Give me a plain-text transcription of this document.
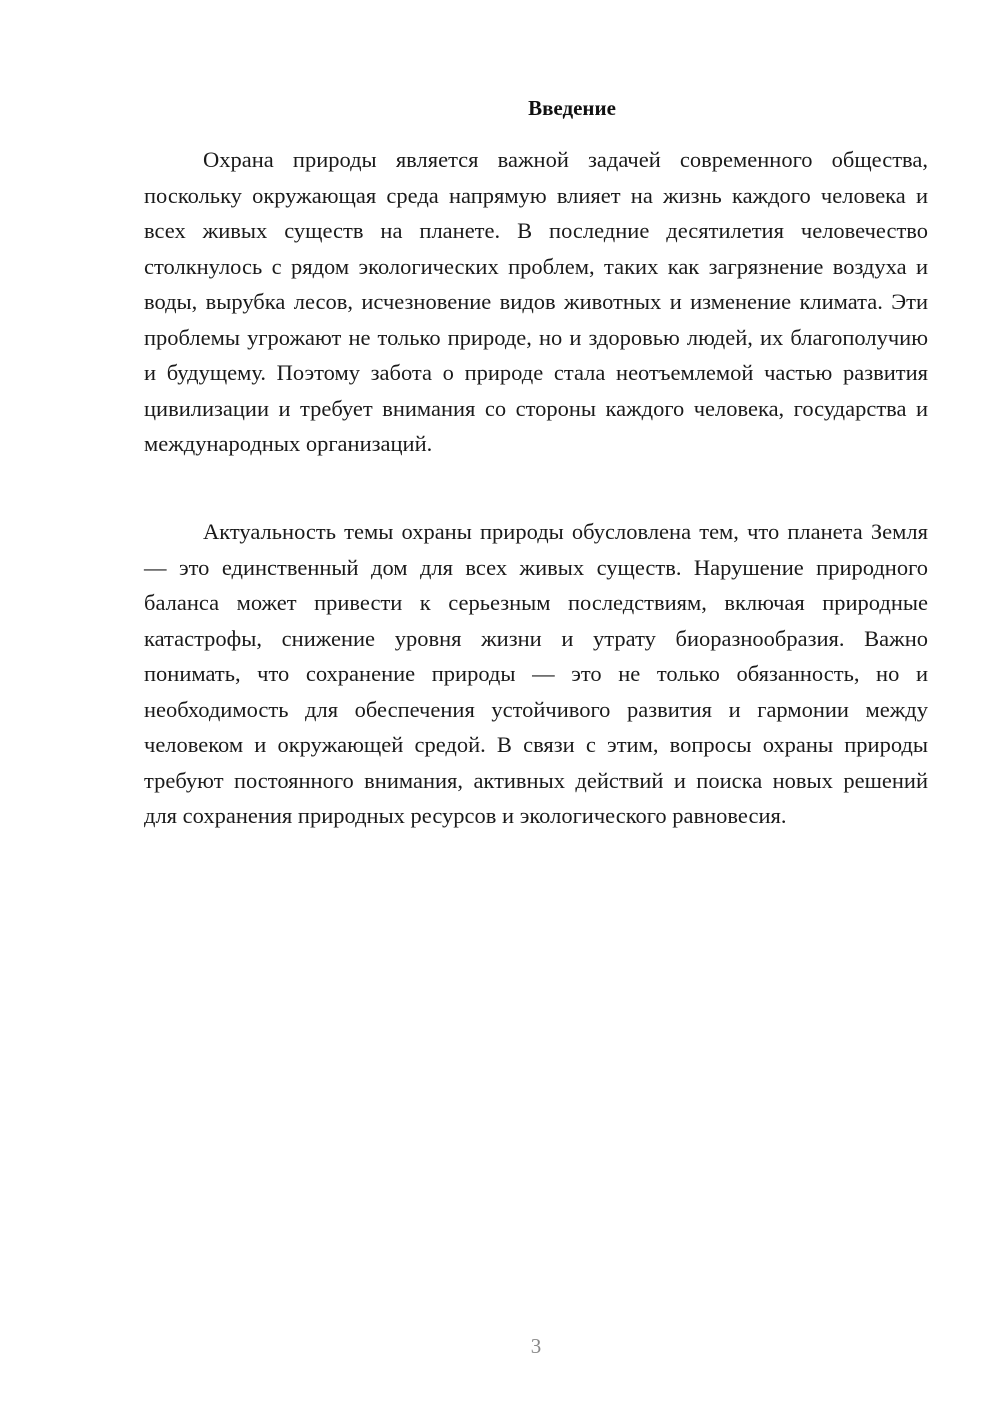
Введение

Охрана природы является важной задачей современного общества, поскольку окружающая среда напрямую влияет на жизнь каждого человека и всех живых существ на планете. В последние десятилетия человечество столкнулось с рядом экологических проблем, таких как загрязнение воздуха и воды, вырубка лесов, исчезновение видов животных и изменение климата. Эти проблемы угрожают не только природе, но и здоровью людей, их благополучию и будущему. Поэтому забота о природе стала неотъемлемой частью развития цивилизации и требует внимания со стороны каждого человека, государства и международных организаций.

Актуальность темы охраны природы обусловлена тем, что планета Земля — это единственный дом для всех живых существ. Нарушение природного баланса может привести к серьезным последствиям, включая природные катастрофы, снижение уровня жизни и утрату биоразнообразия. Важно понимать, что сохранение природы — это не только обязанность, но и необходимость для обеспечения устойчивого развития и гармонии между человеком и окружающей средой. В связи с этим, вопросы охраны природы требуют постоянного внимания, активных действий и поиска новых решений для сохранения природных ресурсов и экологического равновесия.

3
